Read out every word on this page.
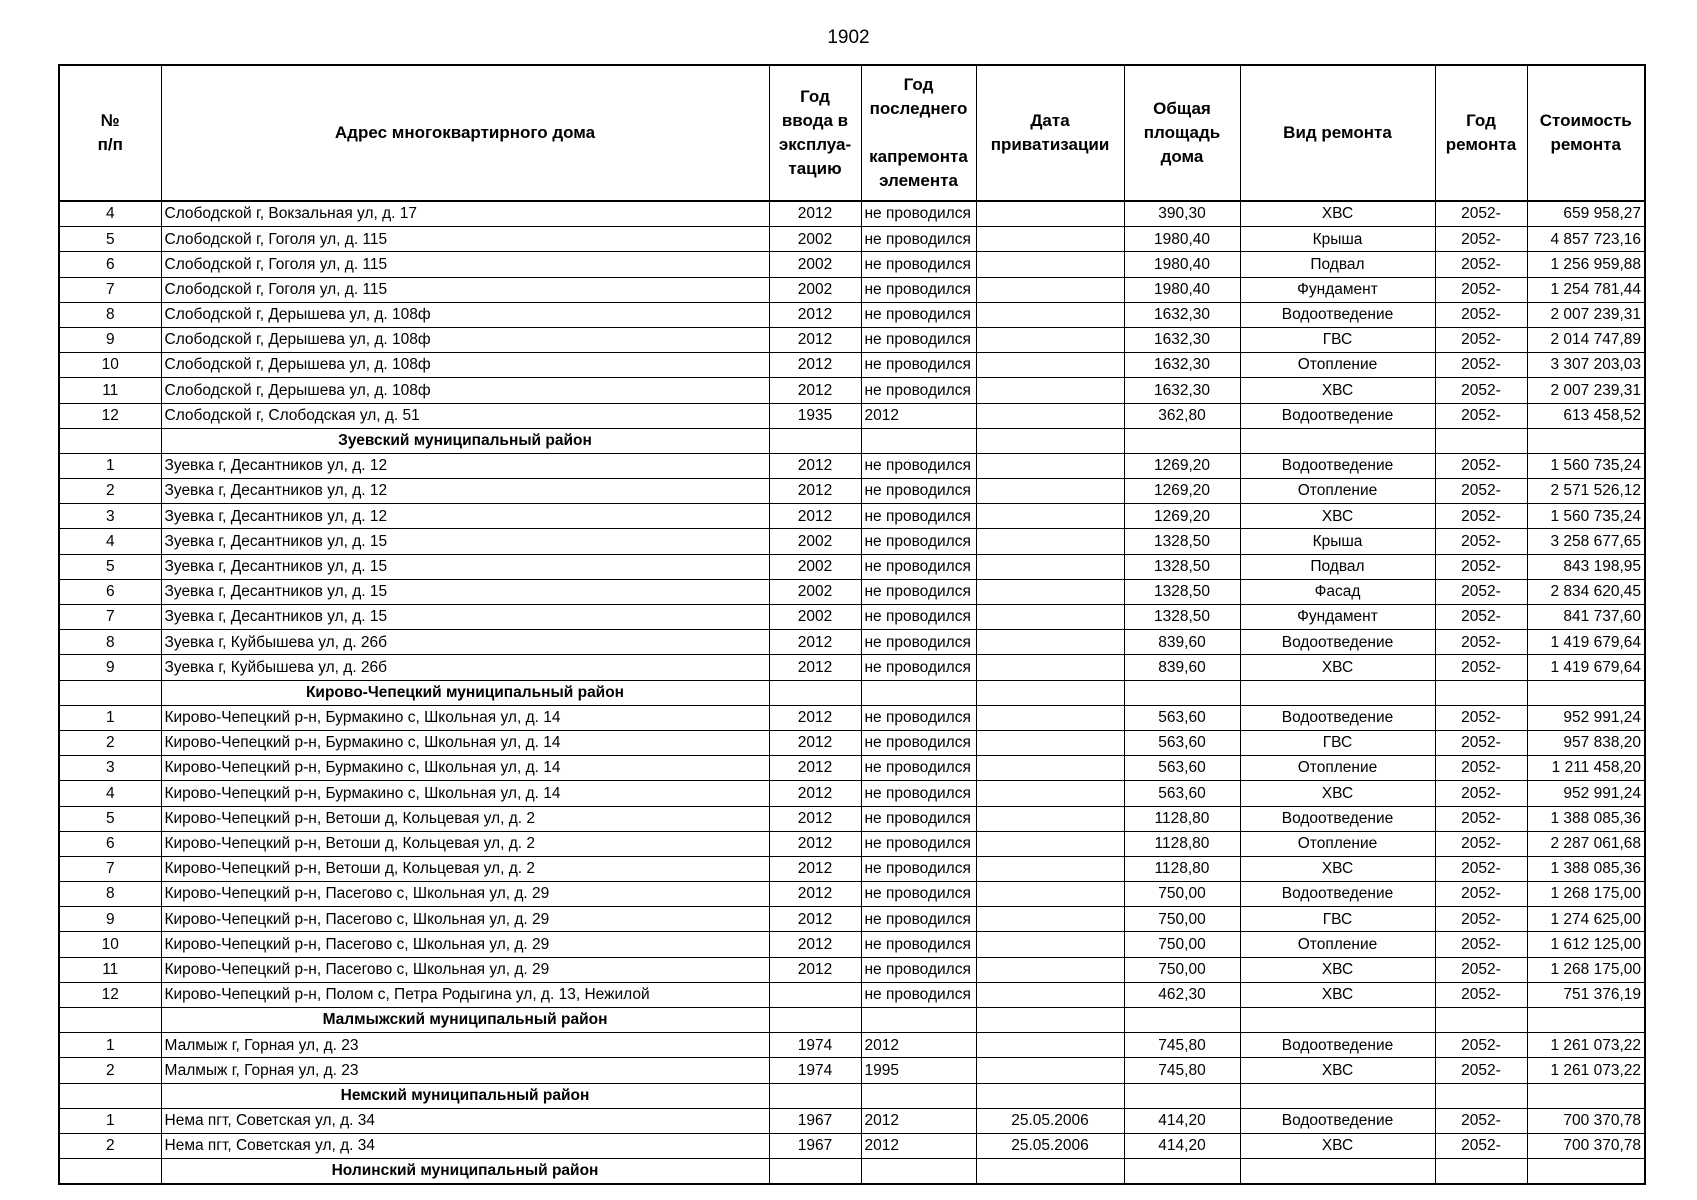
1902
№
п/п	Адрес многоквартирного дома	Год
ввода в
эксплуа-
тацию	Год
последнего

капремонта
элемента	Дата
приватизации	Общая
площадь
дома	Вид ремонта	Год
ремонта	Стоимость
ремонта

4	Слободской г, Вокзальная ул, д. 17	2012	не проводился		390,30	ХВС	2052-	659 958,27
5	Слободской г, Гоголя ул, д. 115	2002	не проводился		1980,40	Крыша	2052-	4 857 723,16
6	Слободской г, Гоголя ул, д. 115	2002	не проводился		1980,40	Подвал	2052-	1 256 959,88
7	Слободской г, Гоголя ул, д. 115	2002	не проводился		1980,40	Фундамент	2052-	1 254 781,44
8	Слободской г, Дерышева ул, д. 108ф	2012	не проводился		1632,30	Водоотведение	2052-	2 007 239,31
9	Слободской г, Дерышева ул, д. 108ф	2012	не проводился		1632,30	ГВС	2052-	2 014 747,89
10	Слободской г, Дерышева ул, д. 108ф	2012	не проводился		1632,30	Отопление	2052-	3 307 203,03
11	Слободской г, Дерышева ул, д. 108ф	2012	не проводился		1632,30	ХВС	2052-	2 007 239,31
12	Слободской г, Слободская ул, д. 51	1935	2012		362,80	Водоотведение	2052-	613 458,52
	Зуевский муниципальный район							
1	Зуевка г, Десантников ул, д. 12	2012	не проводился		1269,20	Водоотведение	2052-	1 560 735,24
2	Зуевка г, Десантников ул, д. 12	2012	не проводился		1269,20	Отопление	2052-	2 571 526,12
3	Зуевка г, Десантников ул, д. 12	2012	не проводился		1269,20	ХВС	2052-	1 560 735,24
4	Зуевка г, Десантников ул, д. 15	2002	не проводился		1328,50	Крыша	2052-	3 258 677,65
5	Зуевка г, Десантников ул, д. 15	2002	не проводился		1328,50	Подвал	2052-	843 198,95
6	Зуевка г, Десантников ул, д. 15	2002	не проводился		1328,50	Фасад	2052-	2 834 620,45
7	Зуевка г, Десантников ул, д. 15	2002	не проводился		1328,50	Фундамент	2052-	841 737,60
8	Зуевка г, Куйбышева ул, д. 26б	2012	не проводился		839,60	Водоотведение	2052-	1 419 679,64
9	Зуевка г, Куйбышева ул, д. 26б	2012	не проводился		839,60	ХВС	2052-	1 419 679,64
	Кирово-Чепецкий муниципальный район							
1	Кирово-Чепецкий р-н, Бурмакино с, Школьная ул, д. 14	2012	не проводился		563,60	Водоотведение	2052-	952 991,24
2	Кирово-Чепецкий р-н, Бурмакино с, Школьная ул, д. 14	2012	не проводился		563,60	ГВС	2052-	957 838,20
3	Кирово-Чепецкий р-н, Бурмакино с, Школьная ул, д. 14	2012	не проводился		563,60	Отопление	2052-	1 211 458,20
4	Кирово-Чепецкий р-н, Бурмакино с, Школьная ул, д. 14	2012	не проводился		563,60	ХВС	2052-	952 991,24
5	Кирово-Чепецкий р-н, Ветоши д, Кольцевая ул, д. 2	2012	не проводился		1128,80	Водоотведение	2052-	1 388 085,36
6	Кирово-Чепецкий р-н, Ветоши д, Кольцевая ул, д. 2	2012	не проводился		1128,80	Отопление	2052-	2 287 061,68
7	Кирово-Чепецкий р-н, Ветоши д, Кольцевая ул, д. 2	2012	не проводился		1128,80	ХВС	2052-	1 388 085,36
8	Кирово-Чепецкий р-н, Пасегово с, Школьная ул, д. 29	2012	не проводился		750,00	Водоотведение	2052-	1 268 175,00
9	Кирово-Чепецкий р-н, Пасегово с, Школьная ул, д. 29	2012	не проводился		750,00	ГВС	2052-	1 274 625,00
10	Кирово-Чепецкий р-н, Пасегово с, Школьная ул, д. 29	2012	не проводился		750,00	Отопление	2052-	1 612 125,00
11	Кирово-Чепецкий р-н, Пасегово с, Школьная ул, д. 29	2012	не проводился		750,00	ХВС	2052-	1 268 175,00
12	Кирово-Чепецкий р-н, Полом с, Петра Родыгина ул, д. 13, Нежилой		не проводился		462,30	ХВС	2052-	751 376,19
	Малмыжский муниципальный район							
1	Малмыж г, Горная ул, д. 23	1974	2012		745,80	Водоотведение	2052-	1 261 073,22
2	Малмыж г, Горная ул, д. 23	1974	1995		745,80	ХВС	2052-	1 261 073,22
	Немский муниципальный район							
1	Нема пгт, Советская ул, д. 34	1967	2012	25.05.2006	414,20	Водоотведение	2052-	700 370,78
2	Нема пгт, Советская ул, д. 34	1967	2012	25.05.2006	414,20	ХВС	2052-	700 370,78
	Нолинский муниципальный район							
